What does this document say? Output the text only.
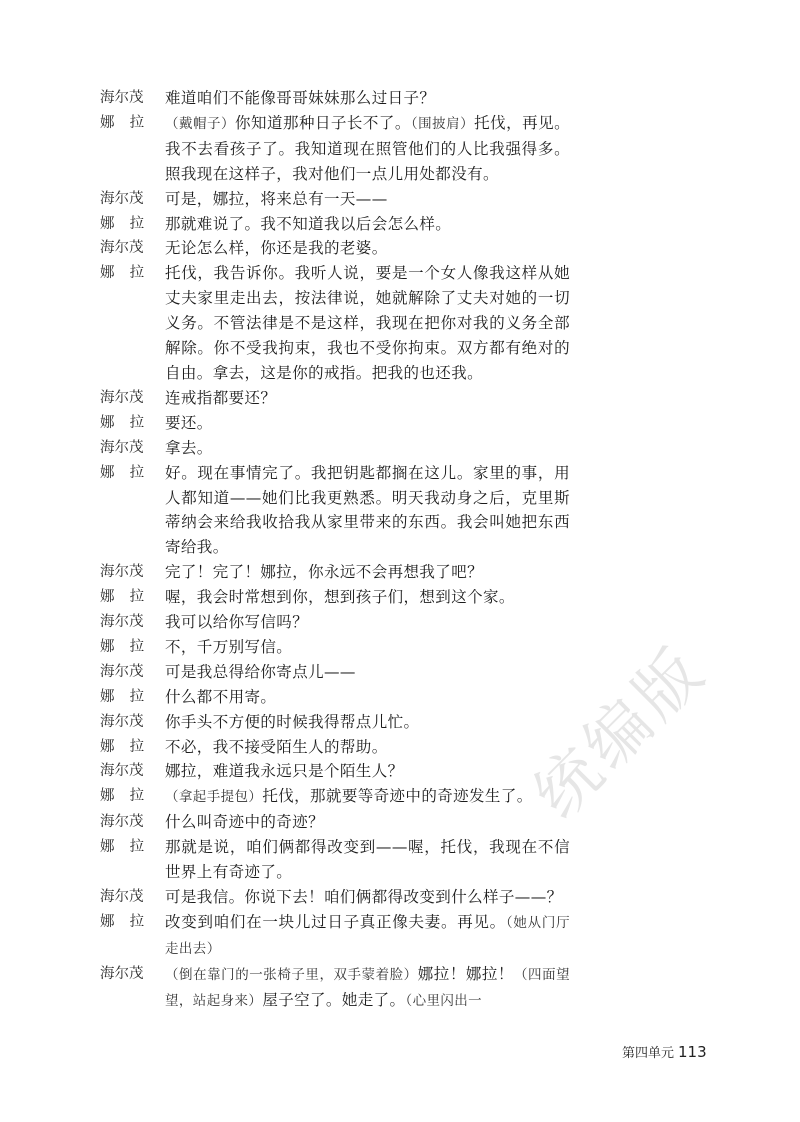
海尔茂	难道咱们不能像哥哥妹妹那么过日子？
娜　拉	（戴帽子）你知道那种日子长不了。（围披肩）托伐，再见。我不去看孩子了。我知道现在照管他们的人比我强得多。照我现在这样子，我对他们一点儿用处都没有。
海尔茂	可是，娜拉，将来总有一天——
娜　拉	那就难说了。我不知道我以后会怎么样。
海尔茂	无论怎么样，你还是我的老婆。
娜　拉	托伐，我告诉你。我听人说，要是一个女人像我这样从她丈夫家里走出去，按法律说，她就解除了丈夫对她的一切义务。不管法律是不是这样，我现在把你对我的义务全部解除。你不受我拘束，我也不受你拘束。双方都有绝对的自由。拿去，这是你的戒指。把我的也还我。
海尔茂	连戒指都要还？
娜　拉	要还。
海尔茂	拿去。
娜　拉	好。现在事情完了。我把钥匙都搁在这儿。家里的事，用人都知道——她们比我更熟悉。明天我动身之后，克里斯蒂纳会来给我收拾我从家里带来的东西。我会叫她把东西寄给我。
海尔茂	完了！完了！娜拉，你永远不会再想我了吧？
娜　拉	喔，我会时常想到你，想到孩子们，想到这个家。
海尔茂	我可以给你写信吗？
娜　拉	不，千万别写信。
海尔茂	可是我总得给你寄点儿——
娜　拉	什么都不用寄。
海尔茂	你手头不方便的时候我得帮点儿忙。
娜　拉	不必，我不接受陌生人的帮助。
海尔茂	娜拉，难道我永远只是个陌生人？
娜　拉	（拿起手提包）托伐，那就要等奇迹中的奇迹发生了。
海尔茂	什么叫奇迹中的奇迹？
娜　拉	那就是说，咱们俩都得改变到——喔，托伐，我现在不信世界上有奇迹了。
海尔茂	可是我信。你说下去！咱们俩都得改变到什么样子——？
娜　拉	改变到咱们在一块儿过日子真正像夫妻。再见。（她从门厅走出去）
海尔茂	（倒在靠门的一张椅子里，双手蒙着脸）娜拉！娜拉！（四面望望，站起身来）屋子空了。她走了。（心里闪出一
统编版
第四单元 113
